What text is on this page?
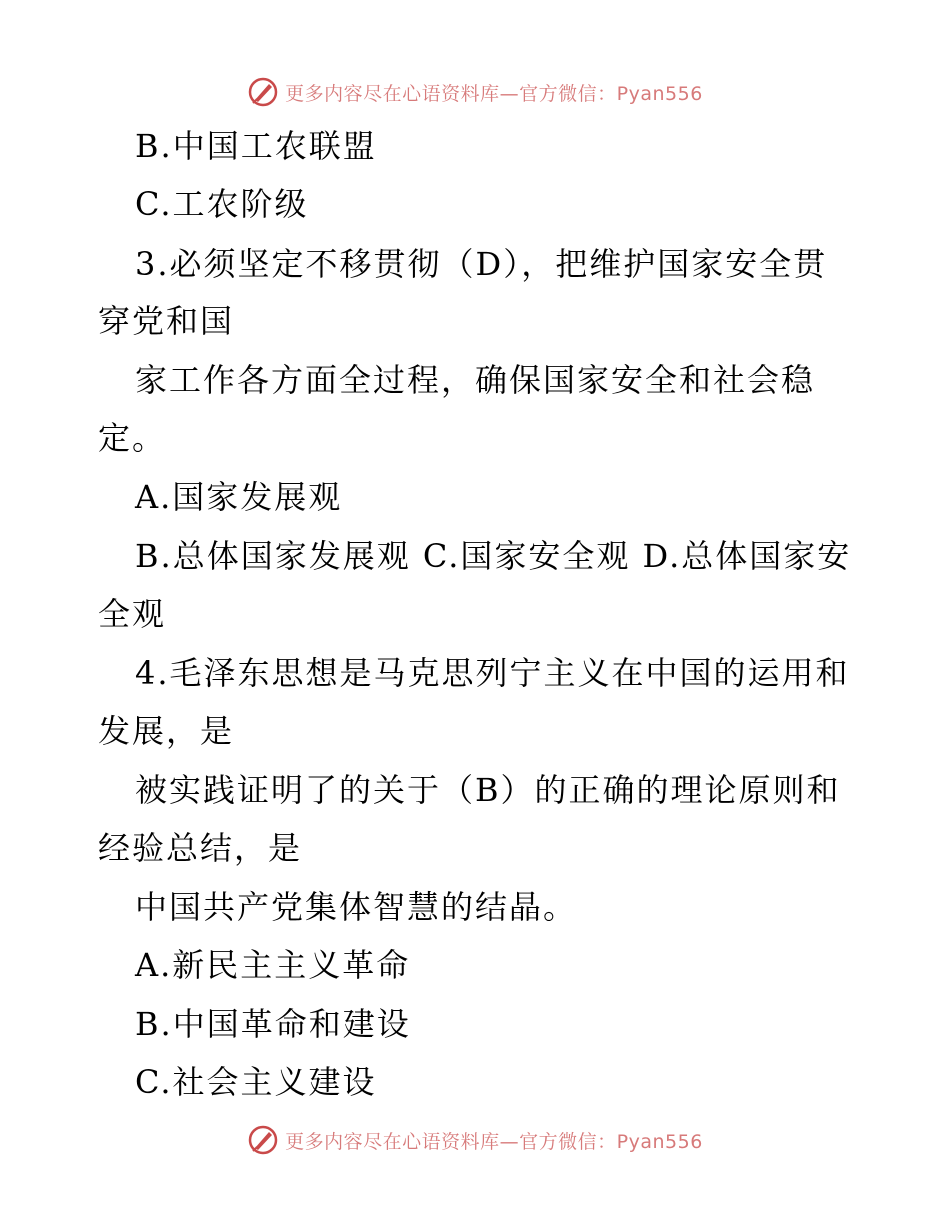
更多内容尽在心语资料库—官方微信：Pyan556
B.中国工农联盟
C.工农阶级
3.必须坚定不移贯彻（D），把维护国家安全贯
穿党和国
家工作各方面全过程，确保国家安全和社会稳
定。
A.国家发展观
B.总体国家发展观 C.国家安全观 D.总体国家安
全观
4.毛泽东思想是马克思列宁主义在中国的运用和
发展，是
被实践证明了的关于（B）的正确的理论原则和
经验总结，是
中国共产党集体智慧的结晶。
A.新民主主义革命
B.中国革命和建设
C.社会主义建设
更多内容尽在心语资料库—官方微信：Pyan556
